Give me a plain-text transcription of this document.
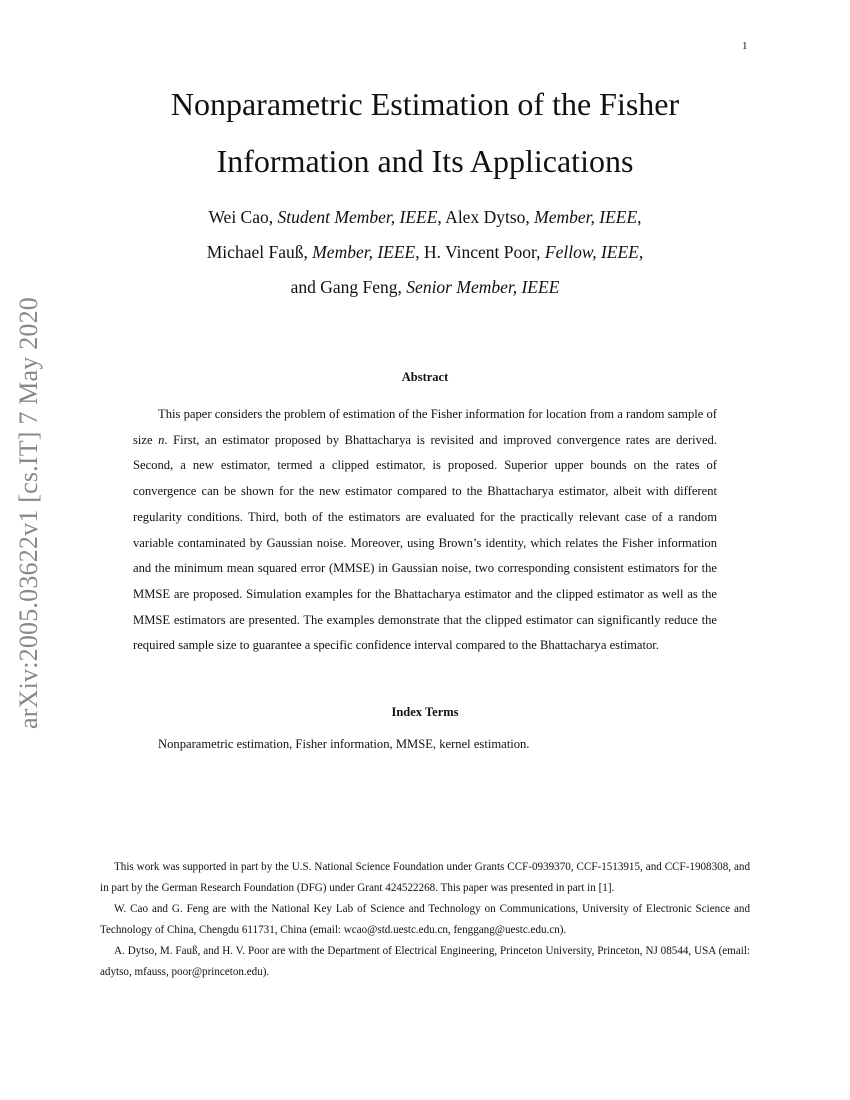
1
arXiv:2005.03622v1 [cs.IT] 7 May 2020
Nonparametric Estimation of the Fisher
Information and Its Applications
Wei Cao, Student Member, IEEE, Alex Dytso, Member, IEEE,
Michael Fauß, Member, IEEE, H. Vincent Poor, Fellow, IEEE,
and Gang Feng, Senior Member, IEEE
Abstract

This paper considers the problem of estimation of the Fisher information for location from a random sample of size n. First, an estimator proposed by Bhattacharya is revisited and improved convergence rates are derived. Second, a new estimator, termed a clipped estimator, is proposed. Superior upper bounds on the rates of convergence can be shown for the new estimator compared to the Bhattacharya estimator, albeit with different regularity conditions. Third, both of the estimators are evaluated for the practically relevant case of a random variable contaminated by Gaussian noise. Moreover, using Brown’s identity, which relates the Fisher information and the minimum mean squared error (MMSE) in Gaussian noise, two corresponding consistent estimators for the MMSE are proposed. Simulation examples for the Bhattacharya estimator and the clipped estimator as well as the MMSE estimators are presented. The examples demonstrate that the clipped estimator can significantly reduce the required sample size to guarantee a specific confidence interval compared to the Bhattacharya estimator.

Index Terms

Nonparametric estimation, Fisher information, MMSE, kernel estimation.

This work was supported in part by the U.S. National Science Foundation under Grants CCF-0939370, CCF-1513915, and CCF-1908308, and in part by the German Research Foundation (DFG) under Grant 424522268. This paper was presented in part in [1].

W. Cao and G. Feng are with the National Key Lab of Science and Technology on Communications, University of Electronic Science and Technology of China, Chengdu 611731, China (email: wcao@std.uestc.edu.cn, fenggang@uestc.edu.cn).

A. Dytso, M. Fauß, and H. V. Poor are with the Department of Electrical Engineering, Princeton University, Princeton, NJ 08544, USA (email: adytso, mfauss, poor@princeton.edu).
